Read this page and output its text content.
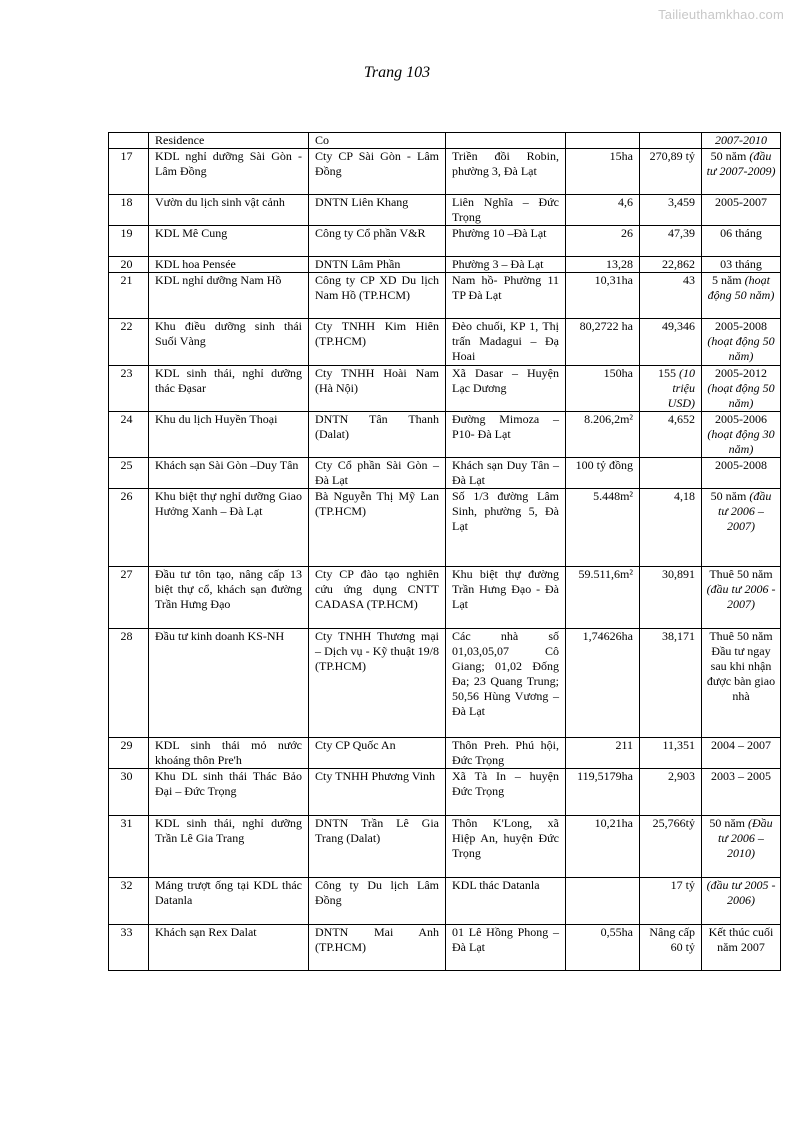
Tailieuthamkhao.com
Trang 103
	Residence	Co				2007-2010
17	KDL nghỉ dưỡng Sài Gòn - Lâm Đồng	Cty CP Sài Gòn - Lâm Đồng	Triền đồi Robin, phường 3, Đà Lạt	15ha	270,89 tỷ	50 năm (đầu tư 2007-2009)
18	Vườn du lịch sinh vật cảnh	DNTN Liên Khang	Liên Nghĩa – Đức Trọng	4,6	3,459	2005-2007
19	KDL Mê Cung	Công ty Cổ phần V&R	Phường 10 –Đà Lạt	26	47,39	06 tháng
20	KDL hoa Pensée	DNTN Lâm Phần	Phường 3 – Đà Lạt	13,28	22,862	03 tháng
21	KDL nghỉ dưỡng Nam Hồ	Công ty CP XD Du lịch Nam Hồ (TP.HCM)	Nam hồ- Phường 11 TP Đà Lạt	10,31ha	43	5 năm (hoạt động 50 năm)
22	Khu điều dưỡng sinh thái Suối Vàng	Cty TNHH Kim Hiên (TP.HCM)	Đèo chuối, KP 1, Thị trấn Madagui – Đạ Hoai	80,2722 ha	49,346	2005-2008 (hoạt động 50 năm)
23	KDL sinh thái, nghỉ dưỡng thác Đạsar	Cty TNHH Hoài Nam (Hà Nội)	Xã Dasar – Huyện Lạc Dương	150ha	155 (10 triệu USD)	2005-2012 (hoạt động 50 năm)
24	Khu du lịch Huyền Thoại	DNTN Tân Thanh (Dalat)	Đường Mimoza – P10- Đà Lạt	8.206,2m²	4,652	2005-2006 (hoạt động 30 năm)
25	Khách sạn Sài Gòn –Duy Tân	Cty Cổ phần Sài Gòn – Đà Lạt	Khách sạn Duy Tân – Đà Lạt	100 tỷ đồng		2005-2008
26	Khu biệt thự nghỉ dưỡng Giao Hưởng Xanh – Đà Lạt	Bà Nguyễn Thị Mỹ Lan (TP.HCM)	Số 1/3 đường Lâm Sinh, phường 5, Đà Lạt	5.448m²	4,18	50 năm (đầu tư 2006 – 2007)
27	Đầu tư tôn tạo, nâng cấp 13 biệt thự cổ, khách sạn đường Trần Hưng Đạo	Cty CP đào tạo nghiên cứu ứng dụng CNTT CADASA (TP.HCM)	Khu biệt thự đường Trần Hưng Đạo - Đà Lạt	59.511,6m²	30,891	Thuê 50 năm (đầu tư 2006 - 2007)
28	Đầu tư kinh doanh KS-NH	Cty TNHH Thương mại – Dịch vụ - Kỹ thuật 19/8 (TP.HCM)	Các nhà số 01,03,05,07 Cô Giang; 01,02 Đống Đa; 23 Quang Trung; 50,56 Hùng Vương – Đà Lạt	1,74626ha	38,171	Thuê 50 năm Đầu tư ngay sau khi nhận được bàn giao nhà
29	KDL sinh thái mỏ nước khoáng thôn Pre'h	Cty CP Quốc An	Thôn Preh. Phú hội, Đức Trọng	211	11,351	2004 – 2007
30	Khu DL sinh thái Thác Bảo Đại – Đức Trọng	Cty TNHH Phương Vinh	Xã Tà In – huyện Đức Trọng	119,5179ha	2,903	2003 – 2005
31	KDL sinh thái, nghỉ dưỡng Trần Lê Gia Trang	DNTN Trần Lê Gia Trang (Dalat)	Thôn K'Long, xã Hiệp An, huyện Đức Trọng	10,21ha	25,766tỷ	50 năm (Đầu tư 2006 – 2010)
32	Máng trượt ống tại KDL thác Datanla	Công ty Du lịch Lâm Đồng	KDL thác Datanla		17 tỷ	(đầu tư 2005 - 2006)
33	Khách sạn Rex Dalat	DNTN Mai Anh (TP.HCM)	01 Lê Hồng Phong – Đà Lạt	0,55ha	Nâng cấp 60 tỷ	Kết thúc cuối năm 2007
